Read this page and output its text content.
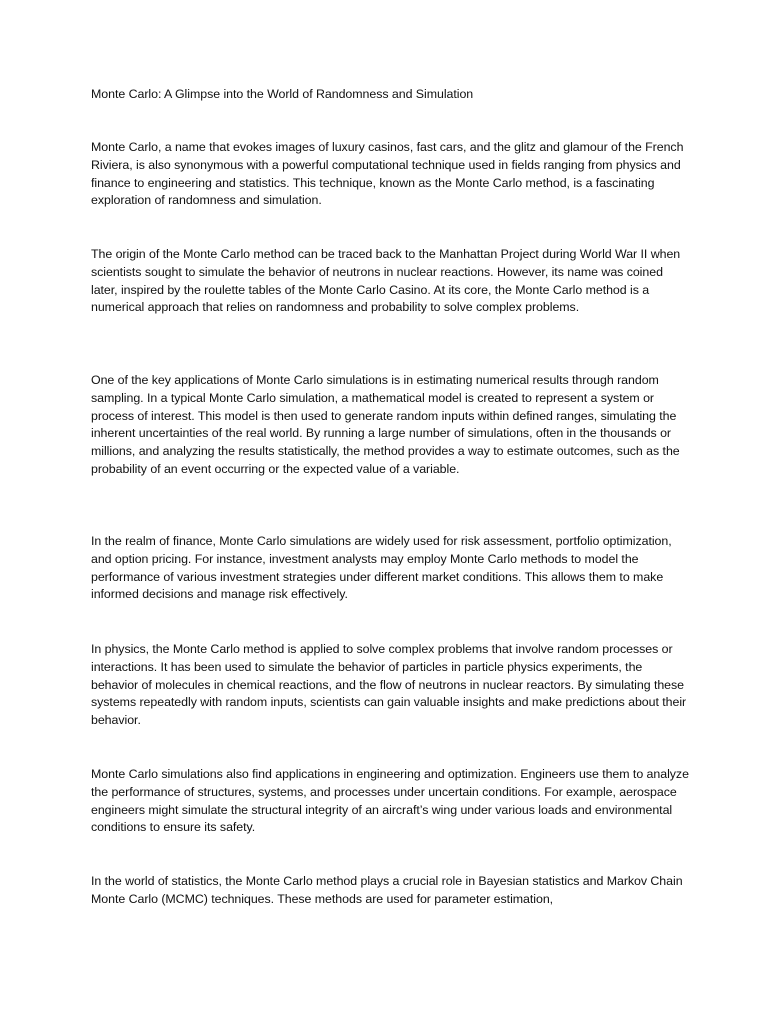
Monte Carlo: A Glimpse into the World of Randomness and Simulation

Monte Carlo, a name that evokes images of luxury casinos, fast cars, and the glitz and glamour of the French Riviera, is also synonymous with a powerful computational technique used in fields ranging from physics and finance to engineering and statistics. This technique, known as the Monte Carlo method, is a fascinating exploration of randomness and simulation.

The origin of the Monte Carlo method can be traced back to the Manhattan Project during World War II when scientists sought to simulate the behavior of neutrons in nuclear reactions. However, its name was coined later, inspired by the roulette tables of the Monte Carlo Casino. At its core, the Monte Carlo method is a numerical approach that relies on randomness and probability to solve complex problems.

One of the key applications of Monte Carlo simulations is in estimating numerical results through random sampling. In a typical Monte Carlo simulation, a mathematical model is created to represent a system or process of interest. This model is then used to generate random inputs within defined ranges, simulating the inherent uncertainties of the real world. By running a large number of simulations, often in the thousands or millions, and analyzing the results statistically, the method provides a way to estimate outcomes, such as the probability of an event occurring or the expected value of a variable.

In the realm of finance, Monte Carlo simulations are widely used for risk assessment, portfolio optimization, and option pricing. For instance, investment analysts may employ Monte Carlo methods to model the performance of various investment strategies under different market conditions. This allows them to make informed decisions and manage risk effectively.

In physics, the Monte Carlo method is applied to solve complex problems that involve random processes or interactions. It has been used to simulate the behavior of particles in particle physics experiments, the behavior of molecules in chemical reactions, and the flow of neutrons in nuclear reactors. By simulating these systems repeatedly with random inputs, scientists can gain valuable insights and make predictions about their behavior.

Monte Carlo simulations also find applications in engineering and optimization. Engineers use them to analyze the performance of structures, systems, and processes under uncertain conditions. For example, aerospace engineers might simulate the structural integrity of an aircraft’s wing under various loads and environmental conditions to ensure its safety.

In the world of statistics, the Monte Carlo method plays a crucial role in Bayesian statistics and Markov Chain Monte Carlo (MCMC) techniques. These methods are used for parameter estimation,
